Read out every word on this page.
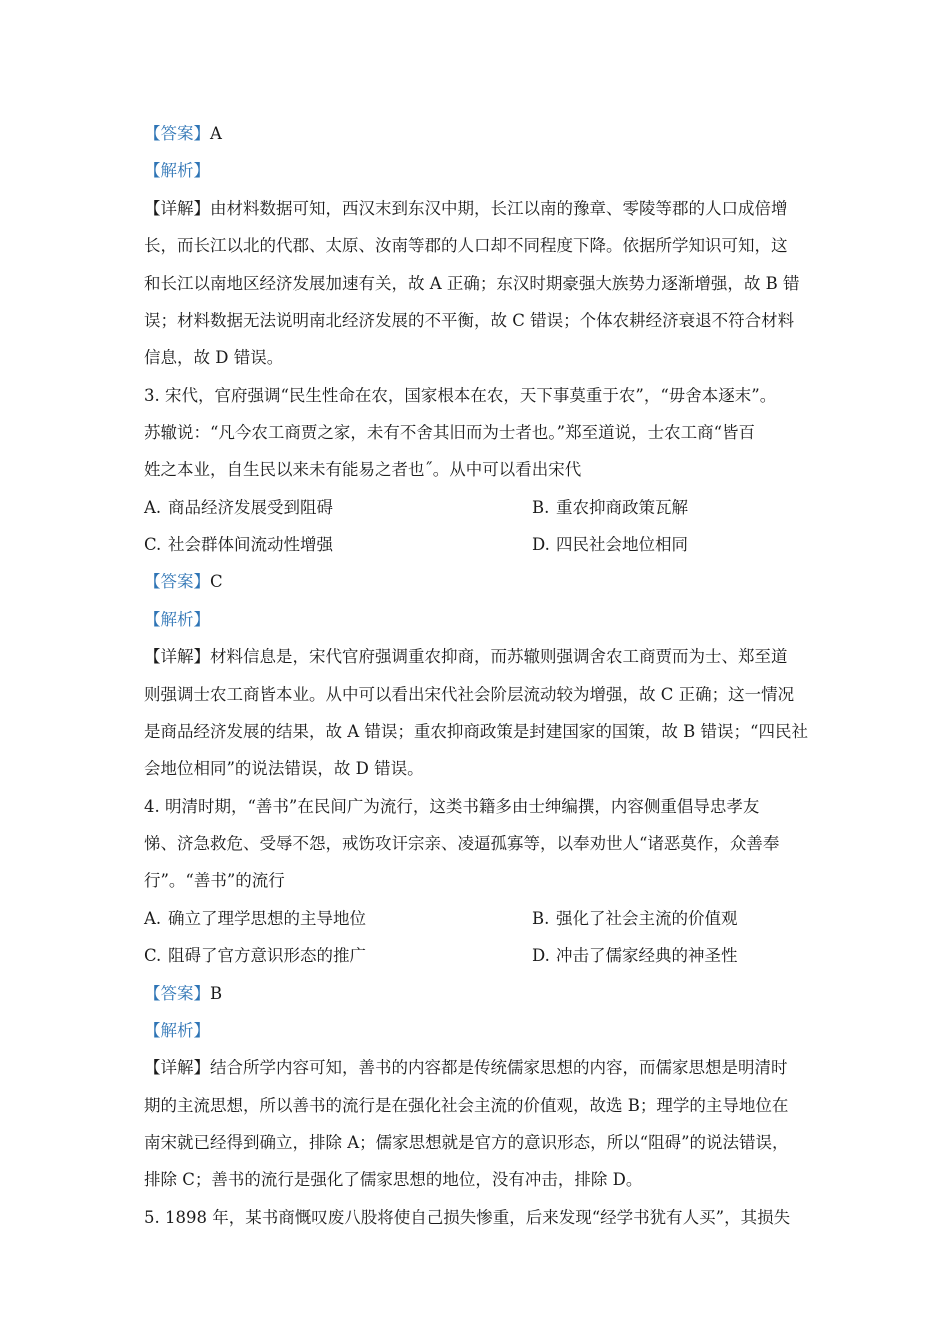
【答案】A
【解析】
【详解】由材料数据可知，西汉末到东汉中期，长江以南的豫章、零陵等郡的人口成倍增
长，而长江以北的代郡、太原、汝南等郡的人口却不同程度下降。依据所学知识可知，这
和长江以南地区经济发展加速有关，故 A 正确；东汉时期豪强大族势力逐渐增强，故 B 错
误；材料数据无法说明南北经济发展的不平衡，故 C 错误；个体农耕经济衰退不符合材料
信息，故 D 错误。
3. 宋代，官府强调“民生性命在农，国家根本在农，天下事莫重于农”，“毋舍本逐末”。
苏辙说：“凡今农工商贾之家，未有不舍其旧而为士者也。”郑至道说，士农工商“皆百
姓之本业，自生民以来未有能易之者也˝。从中可以看出宋代
A. 商品经济发展受到阻碍	B. 重农抑商政策瓦解
C. 社会群体间流动性增强	D. 四民社会地位相同
【答案】C
【解析】
【详解】材料信息是，宋代官府强调重农抑商，而苏辙则强调舍农工商贾而为士、郑至道
则强调士农工商皆本业。从中可以看出宋代社会阶层流动较为增强，故 C 正确；这一情况
是商品经济发展的结果，故 A 错误；重农抑商政策是封建国家的国策，故 B 错误；“四民社
会地位相同”的说法错误，故 D 错误。
4. 明清时期，“善书”在民间广为流行，这类书籍多由士绅编撰，内容侧重倡导忠孝友
悌、济急救危、受辱不怨，戒饬攻讦宗亲、凌逼孤寡等，以奉劝世人“诸恶莫作，众善奉
行”。“善书”的流行
A. 确立了理学思想的主导地位	B. 强化了社会主流的价值观
C. 阻碍了官方意识形态的推广	D. 冲击了儒家经典的神圣性
【答案】B
【解析】
【详解】结合所学内容可知，善书的内容都是传统儒家思想的内容，而儒家思想是明清时
期的主流思想，所以善书的流行是在强化社会主流的价值观，故选 B；理学的主导地位在
南宋就已经得到确立，排除 A；儒家思想就是官方的意识形态，所以“阻碍”的说法错误，
排除 C；善书的流行是强化了儒家思想的地位，没有冲击，排除 D。
5. 1898 年，某书商慨叹废八股将使自己损失惨重，后来发现“经学书犹有人买”，其损失
